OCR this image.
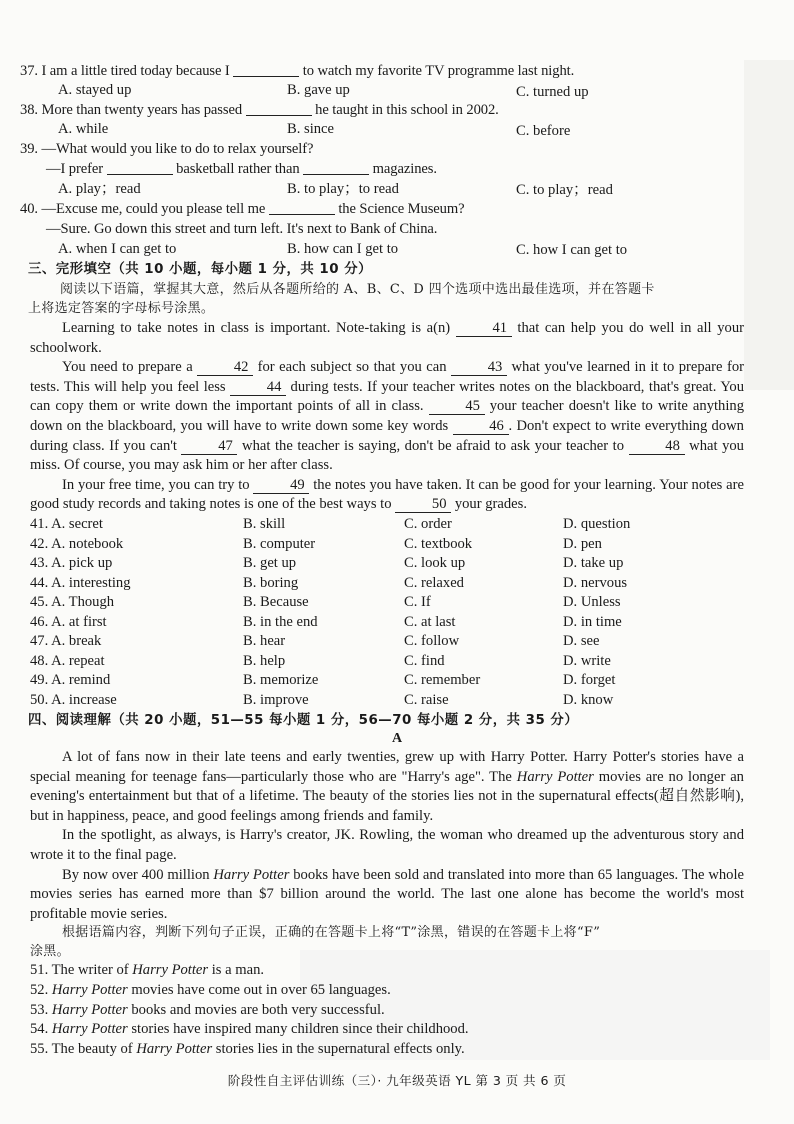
37. I am a little tired today because I	to watch my favorite TV programme last night.
A. stayed up	B. gave up	C. turned up
38. More than twenty years has passed	he taught in this school in 2002.
A. while	B. since	C. before
39. —What would you like to do to relax yourself?
—I prefer	basketball rather than	magazines.
A. play；read	B. to play；to read	C. to play；read
40. —Excuse me, could you please tell me	the Science Museum?
—Sure. Go down this street and turn left. It's next to Bank of China.
A. when I can get to	B. how can I get to	C. how I can get to
三、完形填空（共 10 小题，每小题 1 分，共 10 分）
阅读以下语篇，掌握其大意，然后从各题所给的 A、B、C、D 四个选项中选出最佳选项，并在答题卡
上将选定答案的字母标号涂黑。

Learning to take notes in class is important. Note-taking is a(n)	41 that can help you do well in all your schoolwork.

You need to prepare a	42 for each subject so that you can	43 what you've learned in it to prepare for tests. This will help you feel less	44 during tests. If your teacher writes notes on the blackboard, that's great. You can copy them or write down the important points of all in class.	45 your teacher doesn't like to write anything down on the blackboard, you will have to write down some key words	46 . Don't expect to write everything down during class. If you can't	47 what the teacher is saying, don't be afraid to ask your teacher to	48 what you miss. Of course, you may ask him or her after class.

In your free time, you can try to	49 the notes you have taken. It can be good for your learning. Your notes are good study records and taking notes is one of the best ways to	50 your grades.

41. A. secret	B. skill	C. order	D. question
42. A. notebook	B. computer	C. textbook	D. pen
43. A. pick up	B. get up	C. look up	D. take up
44. A. interesting	B. boring	C. relaxed	D. nervous
45. A. Though	B. Because	C. If	D. Unless
46. A. at first	B. in the end	C. at last	D. in time
47. A. break	B. hear	C. follow	D. see
48. A. repeat	B. help	C. find	D. write
49. A. remind	B. memorize	C. remember	D. forget
50. A. increase	B. improve	C. raise	D. know
四、阅读理解（共 20 小题，51—55 每小题 1 分，56—70 每小题 2 分，共 35 分）
A

A lot of fans now in their late teens and early twenties, grew up with Harry Potter. Harry Potter's stories have a special meaning for teenage fans—particularly those who are "Harry's age". The Harry Potter movies are no longer an evening's entertainment but that of a lifetime. The beauty of the stories lies not in the supernatural effects(超自然影响), but in happiness, peace, and good feelings among friends and family.

In the spotlight, as always, is Harry's creator, JK. Rowling, the woman who dreamed up the adventurous story and wrote it to the final page.

By now over 400 million Harry Potter books have been sold and translated into more than 65 languages. The whole movies series has earned more than $7 billion around the world. The last one alone has become the world's most profitable movie series.

根据语篇内容，判断下列句子正误，正确的在答题卡上将“T”涂黑，错误的在答题卡上将“F”
涂黑。
51. The writer of Harry Potter is a man.
52. Harry Potter movies have come out in over 65 languages.
53. Harry Potter books and movies are both very successful.
54. Harry Potter stories have inspired many children since their childhood.
55. The beauty of Harry Potter stories lies in the supernatural effects only.
阶段性自主评估训练（三）· 九年级英语 YL 第 3 页 共 6 页
